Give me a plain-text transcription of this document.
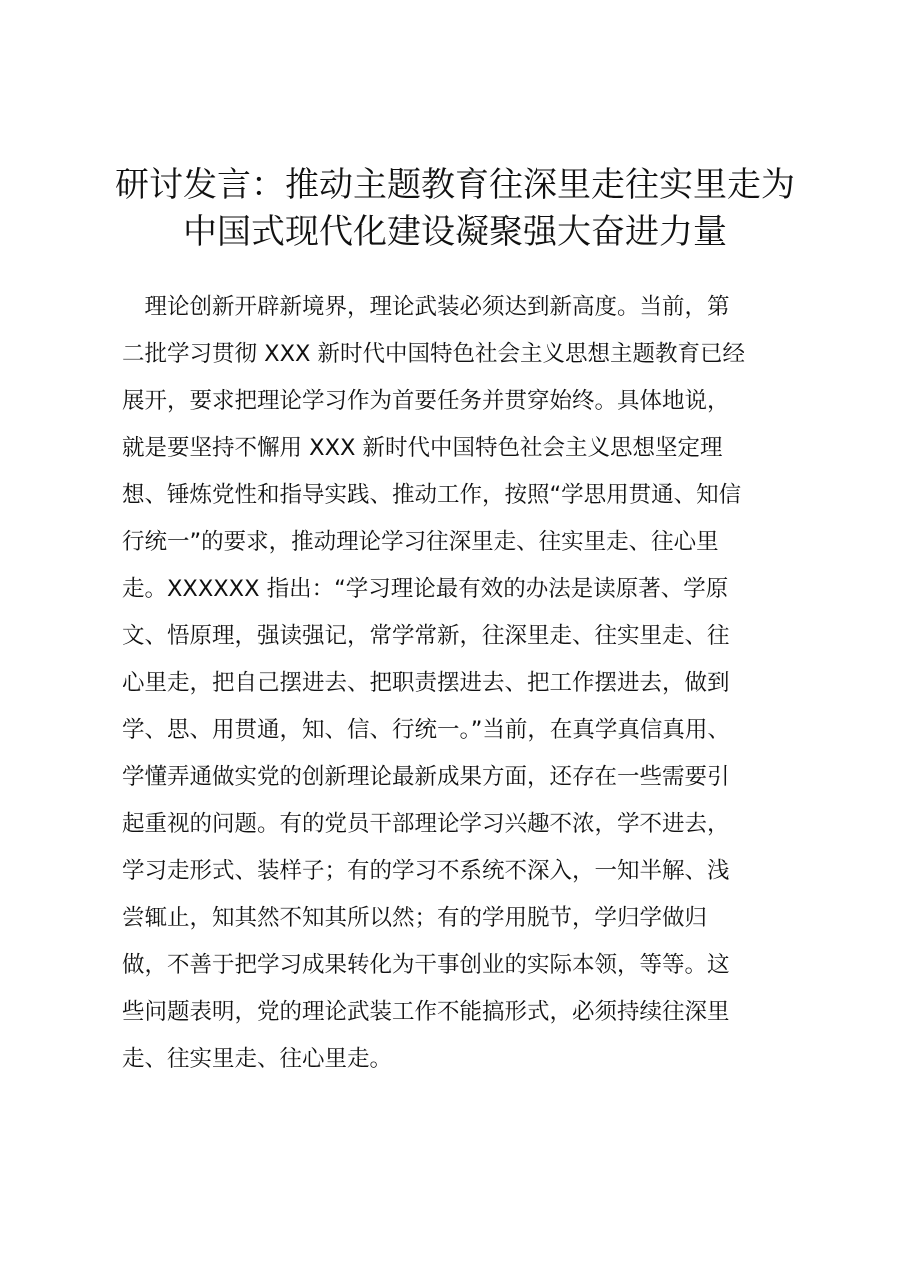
研讨发言：推动主题教育往深里走往实里走为
中国式现代化建设凝聚强大奋进力量
　理论创新开辟新境界，理论武装必须达到新高度。当前，第
二批学习贯彻 XXX 新时代中国特色社会主义思想主题教育已经
展开，要求把理论学习作为首要任务并贯穿始终。具体地说，
就是要坚持不懈用 XXX 新时代中国特色社会主义思想坚定理
想、锤炼党性和指导实践、推动工作，按照“学思用贯通、知信
行统一”的要求，推动理论学习往深里走、往实里走、往心里
走。XXXXXX 指出：“学习理论最有效的办法是读原著、学原
文、悟原理，强读强记，常学常新，往深里走、往实里走、往
心里走，把自己摆进去、把职责摆进去、把工作摆进去，做到
学、思、用贯通，知、信、行统一。”当前，在真学真信真用、
学懂弄通做实党的创新理论最新成果方面，还存在一些需要引
起重视的问题。有的党员干部理论学习兴趣不浓，学不进去，
学习走形式、装样子；有的学习不系统不深入，一知半解、浅
尝辄止，知其然不知其所以然；有的学用脱节，学归学做归
做，不善于把学习成果转化为干事创业的实际本领，等等。这
些问题表明，党的理论武装工作不能搞形式，必须持续往深里
走、往实里走、往心里走。
